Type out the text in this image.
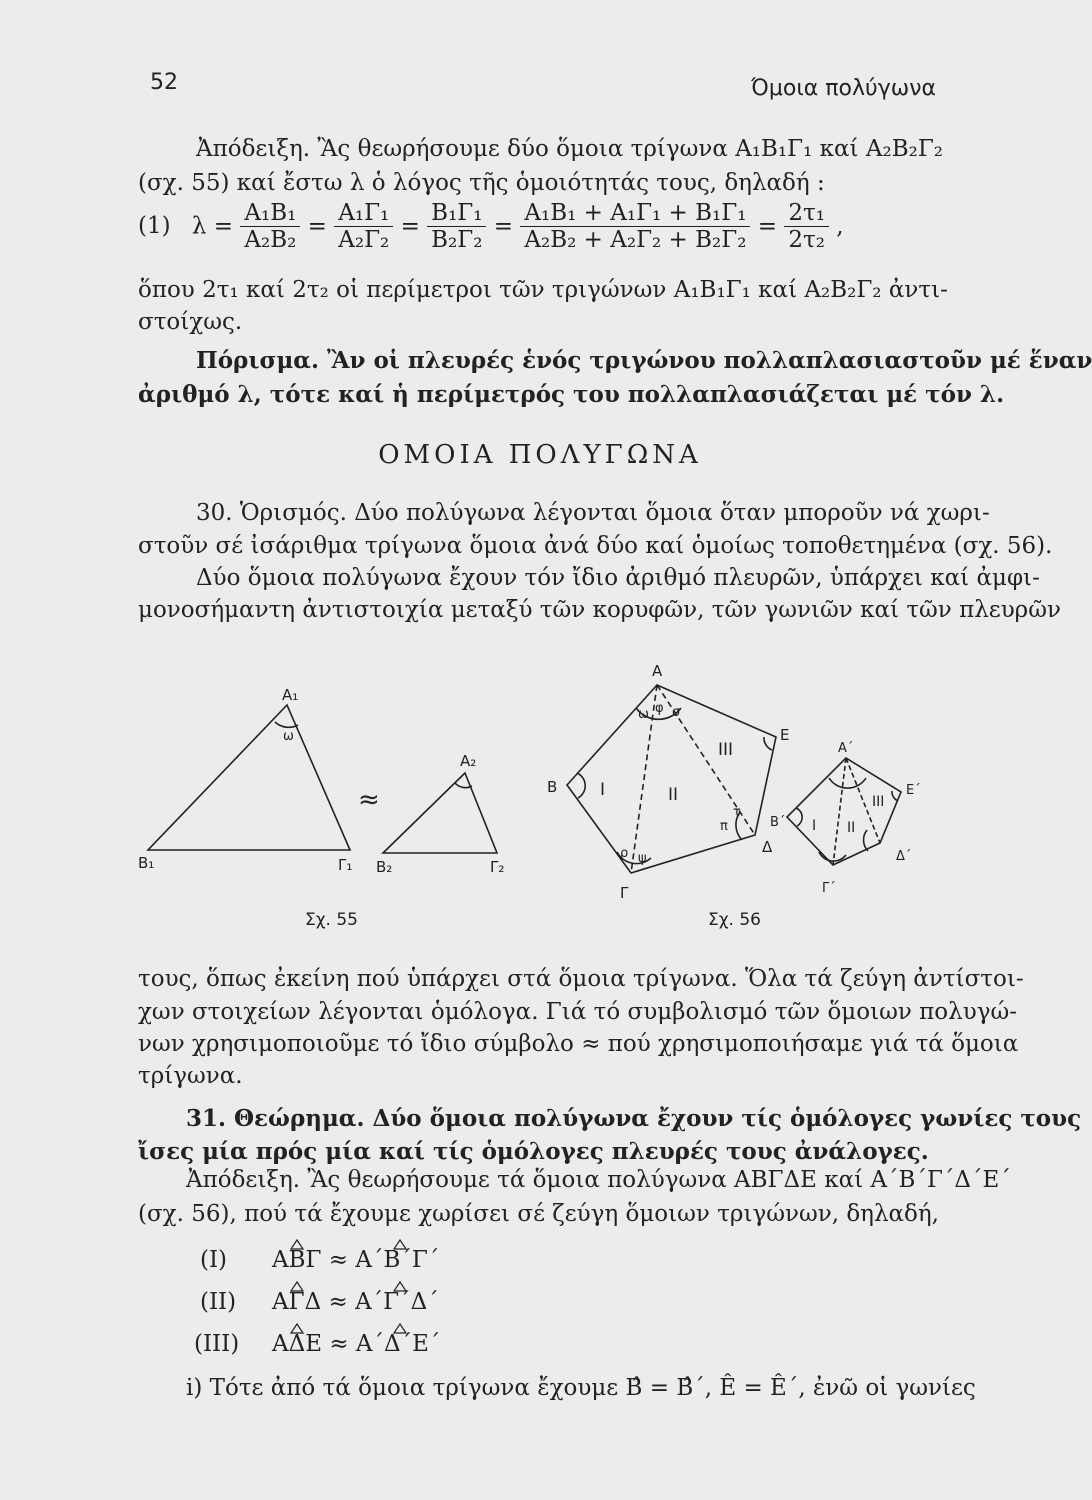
52	Όμοια πολύγωνα
Ἀπόδειξη. Ἂς θεωρήσουμε δύο ὅμοια τρίγωνα Α₁Β₁Γ₁ καί Α₂Β₂Γ₂
(σχ. 55) καί ἔστω λ ὁ λόγος τῆς ὁμοιότητάς τους, δηλαδή :
(1) $\lambda = \frac{\text{Α₁Β₁}}{\text{Α₂Β₂}} = \frac{\text{Α₁Γ₁}}{\text{Α₂Γ₂}} = \frac{\text{Β₁Γ₁}}{\text{Β₂Γ₂}} = \frac{\text{Α₁Β₁ + Α₁Γ₁ + Β₁Γ₁}}{\text{Α₂Β₂ + Α₂Γ₂ + Β₂Γ₂}} = \frac{\text{2τ₁}}{\text{2τ₂}}$ ,
ὅπου 2τ₁ καί 2τ₂ οἱ περίμετροι τῶν τριγώνων Α₁Β₁Γ₁ καί Α₂Β₂Γ₂ ἀντι-
στοίχως.
Πόρισμα. Ἂν οἱ πλευρές ἑνός τριγώνου πολλαπλασιαστοῦν μέ ἕναν
ἀριθμό λ, τότε καί ἡ περίμετρός του πολλαπλασιάζεται μέ τόν λ.
ΟΜΟΙΑ ΠΟΛΥΓΩΝΑ
30. Ὁρισμός. Δύο πολύγωνα λέγονται ὅμοια ὅταν μποροῦν νά χωρι-
στοῦν σέ ἰσάριθμα τρίγωνα ὅμοια ἀνά δύο καί ὁμοίως τοποθετημένα (σχ. 56).
Δύο ὅμοια πολύγωνα ἔχουν τόν ἴδιο ἀριθμό πλευρῶν, ὑπάρχει καί ἀμφι-
μονοσήμαντη ἀντιστοιχία μεταξύ τῶν κορυφῶν, τῶν γωνιῶν καί τῶν πλευρῶν
Α₁
Β₁	Γ₁
Α₂
Β₂	Γ₂
≈
ω
Σχ. 55
Α
Β
Γ
Δ
Ε
I	II
III
ω φ σ
ρ ψ
π
τ
Α΄
Β΄
Γ΄
Δ΄
Ε΄
I II
III
Σχ. 56
τους, ὅπως ἐκείνη πού ὑπάρχει στά ὅμοια τρίγωνα. Ὅλα τά ζεύγη ἀντίστοι-
χων στοιχείων λέγονται ὁμόλογα. Γιά τό συμβολισμό τῶν ὅμοιων πολυγώ-
νων χρησιμοποιοῦμε τό ἴδιο σύμβολο ≈ πού χρησιμοποιήσαμε γιά τά ὅμοια
τρίγωνα.
31. Θεώρημα. Δύο ὅμοια πολύγωνα ἔχουν τίς ὁμόλογες γωνίες τους
ἴσες μία πρός μία καί τίς ὁμόλογες πλευρές τους ἀνάλογες.
Ἀπόδειξη. Ἂς θεωρήσουμε τά ὅμοια πολύγωνα ΑΒΓΔΕ καί Α΄Β΄Γ΄Δ΄Ε΄
(σχ. 56), πού τά ἔχουμε χωρίσει σέ ζεύγη ὅμοιων τριγώνων, δηλαδή,
(I) ΑΒΓ ≈ Α΄Β΄Γ΄
(II) ΑΓΔ ≈ Α΄Γ΄Δ΄
(III) ΑΔΕ ≈ Α΄Δ΄Ε΄
i) Τότε ἀπό τά ὅμοια τρίγωνα ἔχουμε Β̂ = Β̂΄, Ê = Ê΄, ἐνῶ οἱ γωνίες
